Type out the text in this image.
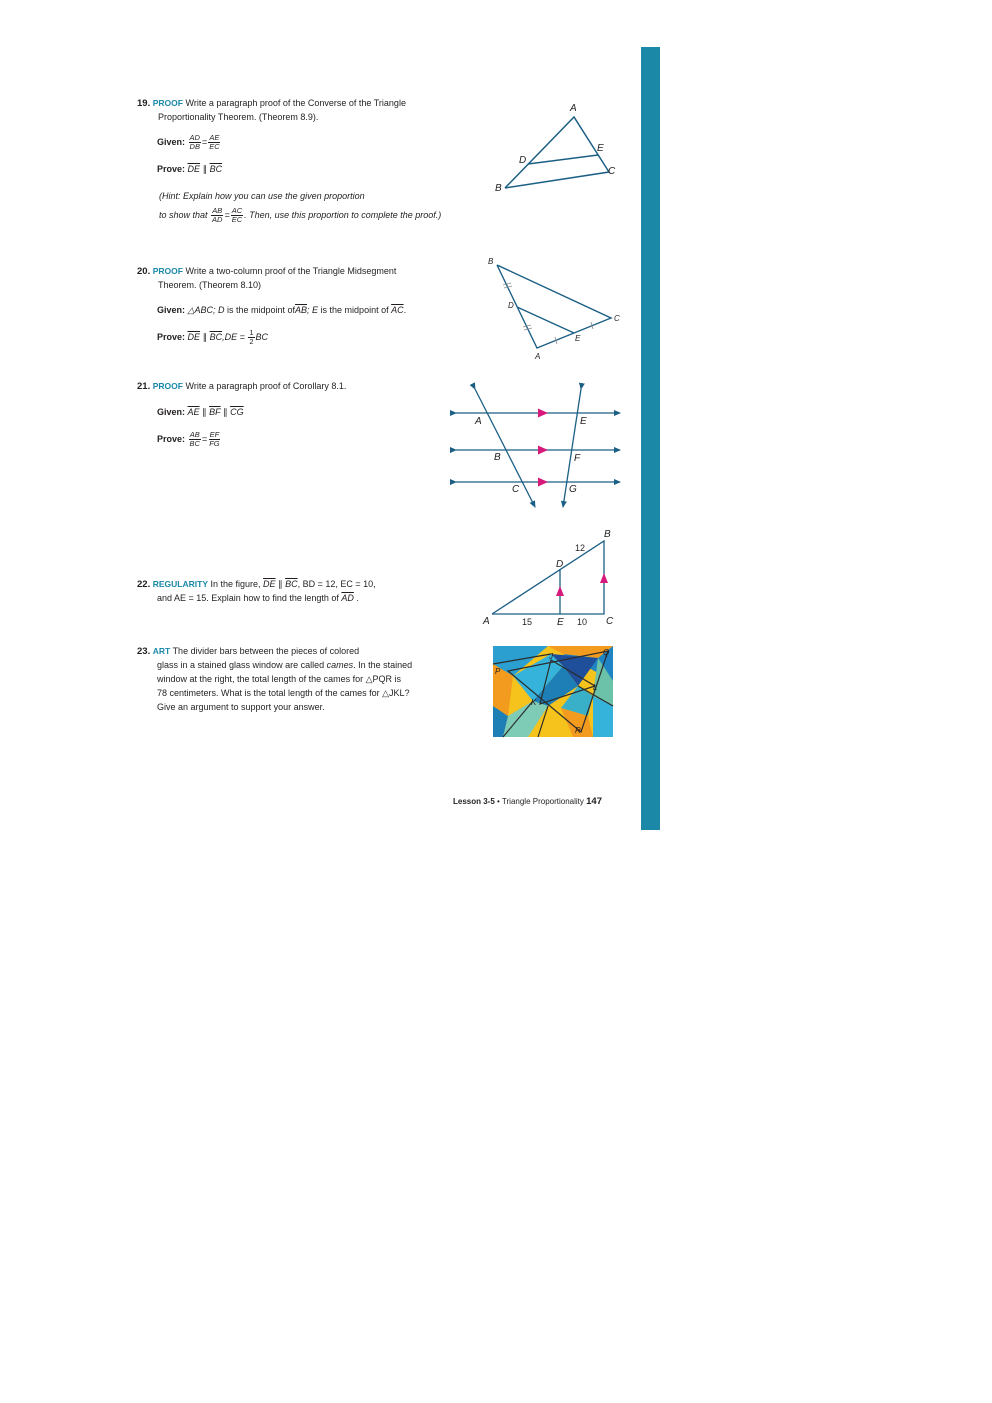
19. PROOF Write a paragraph proof of the Converse of the Triangle
Proportionality Theorem. (Theorem 8.9).
Given: $\frac{AD}{DB} = \frac{AE}{EC}$
Prove: $\overline{DE}$ ∥ $\overline{BC}$
(Hint: Explain how you can use the given proportion
to show that $\frac{AB}{AD} = \frac{AC}{EC}$ . Then, use this proportion to complete the proof.)
A
B
C
D
E
20. PROOF Write a two-column proof of the Triangle Midsegment
Theorem. (Theorem 8.10)
Given: △ABC; D is the midpoint $of\overline{AB}$; E is the midpoint of $\overline{AC}$.
Prove: $\overline{DE}$ ∥ $\overline{BC},DE = \frac{1}{2}$ BC
B
C
A
D
E
21. PROOF Write a paragraph proof of Corollary 8.1.
Given: $\overline{AE}$ ∥ $\overline{BF}$ ∥ $\overline{CG}$
Prove: $\frac{AB}{BC} = \frac{EF}{FG}$
A
B
C
E
F
G
22. REGULARITY In the figure, $\overline{DE}$ ∥ $\overline{BC}$, BD = 12, EC = 10,
and AE = 15. Explain how to find the length of $\overline{AD}$ .
A
B
C
D
E
12
15	10
23. ART The divider bars between the pieces of colored
glass in a stained glass window are called cames. In the stained
window at the right, the total length of the cames for △PQR is
78 centimeters. What is the total length of the cames for △JKL?
Give an argument to support your answer.
P
Q
R
J
K
L
Lesson 3-5 • Triangle Proportionality 147
